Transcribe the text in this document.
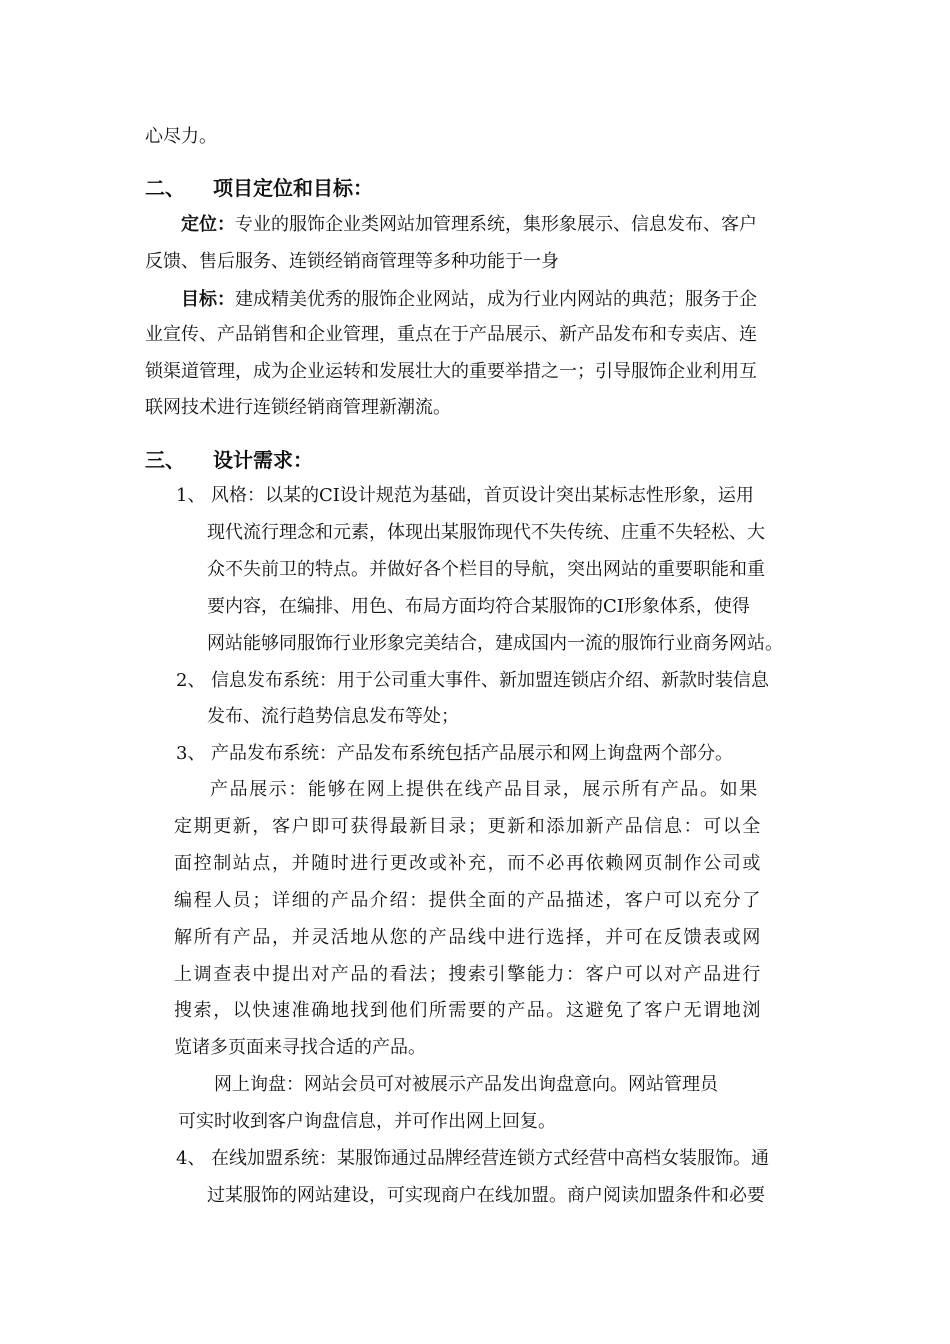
心尽力。
二、 项目定位和目标：
定位：专业的服饰企业类网站加管理系统，集形象展示、信息发布、客户
反馈、售后服务、连锁经销商管理等多种功能于一身
目标：建成精美优秀的服饰企业网站，成为行业内网站的典范；服务于企
业宣传、产品销售和企业管理，重点在于产品展示、新产品发布和专卖店、连
锁渠道管理，成为企业运转和发展壮大的重要举措之一；引导服饰企业利用互
联网技术进行连锁经销商管理新潮流。
三、 设计需求：
1、 风格：以某的CI设计规范为基础，首页设计突出某标志性形象，运用
现代流行理念和元素，体现出某服饰现代不失传统、庄重不失轻松、大
众不失前卫的特点。并做好各个栏目的导航，突出网站的重要职能和重
要内容，在编排、用色、布局方面均符合某服饰的CI形象体系，使得
网站能够同服饰行业形象完美结合，建成国内一流的服饰行业商务网站。
2、 信息发布系统：用于公司重大事件、新加盟连锁店介绍、新款时装信息
发布、流行趋势信息发布等处；
3、 产品发布系统：产品发布系统包括产品展示和网上询盘两个部分。
产品展示：能够在网上提供在线产品目录，展示所有产品。如果
定期更新，客户即可获得最新目录；更新和添加新产品信息：可以全
面控制站点，并随时进行更改或补充，而不必再依赖网页制作公司或
编程人员；详细的产品介绍：提供全面的产品描述，客户可以充分了
解所有产品，并灵活地从您的产品线中进行选择，并可在反馈表或网
上调查表中提出对产品的看法；搜索引擎能力：客户可以对产品进行
搜索，以快速准确地找到他们所需要的产品。这避免了客户无谓地浏
览诸多页面来寻找合适的产品。
网上询盘：网站会员可对被展示产品发出询盘意向。网站管理员
可实时收到客户询盘信息，并可作出网上回复。
4、 在线加盟系统：某服饰通过品牌经营连锁方式经营中高档女装服饰。通
过某服饰的网站建设，可实现商户在线加盟。商户阅读加盟条件和必要
